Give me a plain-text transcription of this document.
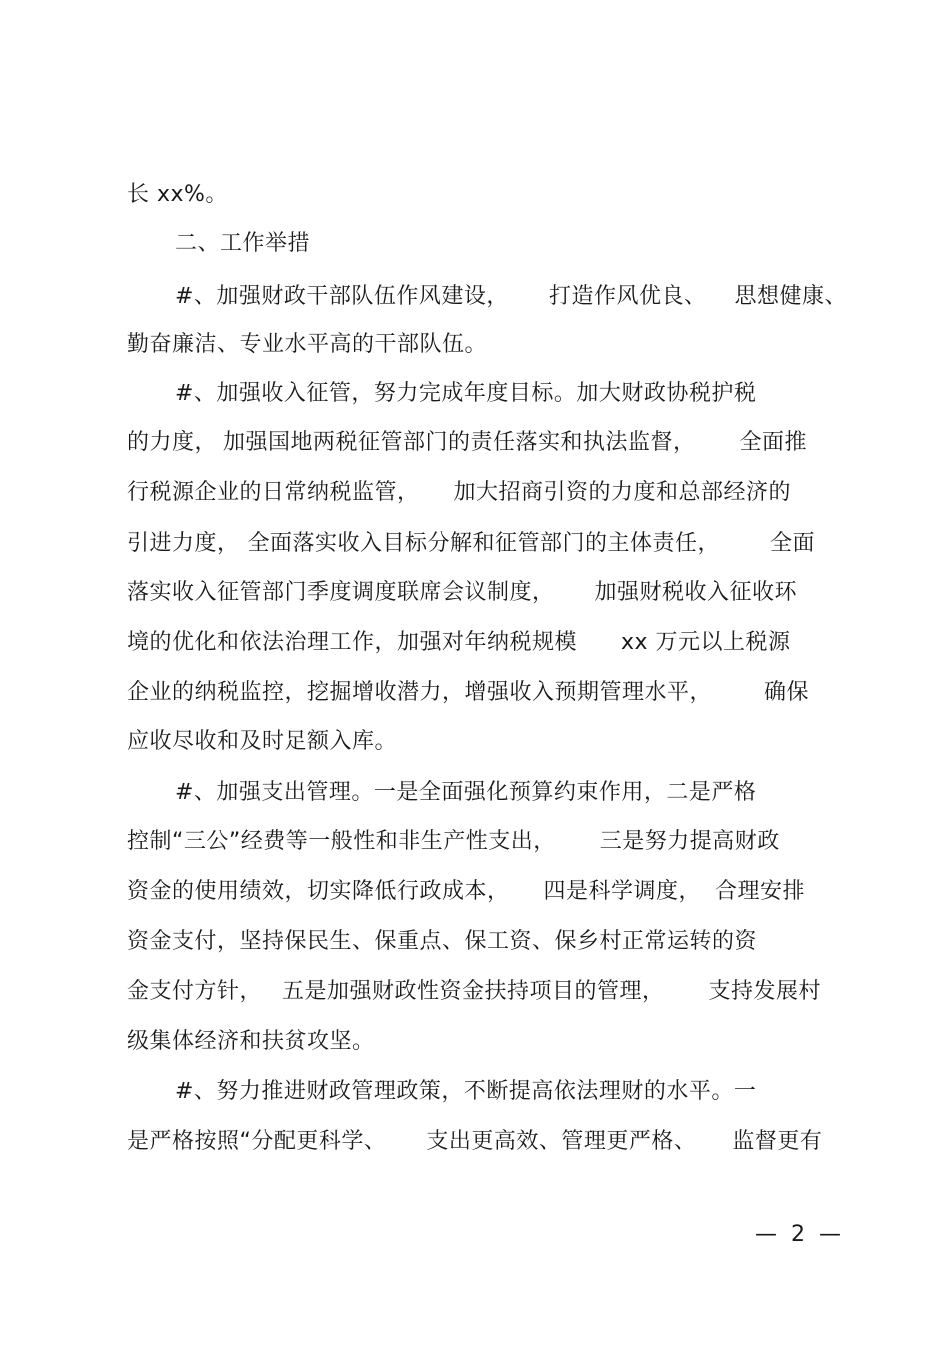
长 xx%。
二、工作举措
#、加强财政干部队伍作风建设， 打造作风优良、 思想健康、
勤奋廉洁、专业水平高的干部队伍。
#、加强收入征管，努力完成年度目标。加大财政协税护税
的力度， 加强国地两税征管部门的责任落实和执法监督， 全面推
行税源企业的日常纳税监管， 加大招商引资的力度和总部经济的
引进力度， 全面落实收入目标分解和征管部门的主体责任， 全面
落实收入征管部门季度调度联席会议制度， 加强财税收入征收环
境的优化和依法治理工作，加强对年纳税规模 xx 万元以上税源
企业的纳税监控，挖掘增收潜力，增强收入预期管理水平， 确保
应收尽收和及时足额入库。
#、加强支出管理。一是全面强化预算约束作用，二是严格
控制“三公”经费等一般性和非生产性支出， 三是努力提高财政
资金的使用绩效，切实降低行政成本， 四是科学调度， 合理安排
资金支付，坚持保民生、保重点、保工资、保乡村正常运转的资
金支付方针， 五是加强财政性资金扶持项目的管理， 支持发展村
级集体经济和扶贫攻坚。
#、努力推进财政管理政策，不断提高依法理财的水平。一
是严格按照“分配更科学、 支出更高效、管理更严格、 监督更有
—  2  —
